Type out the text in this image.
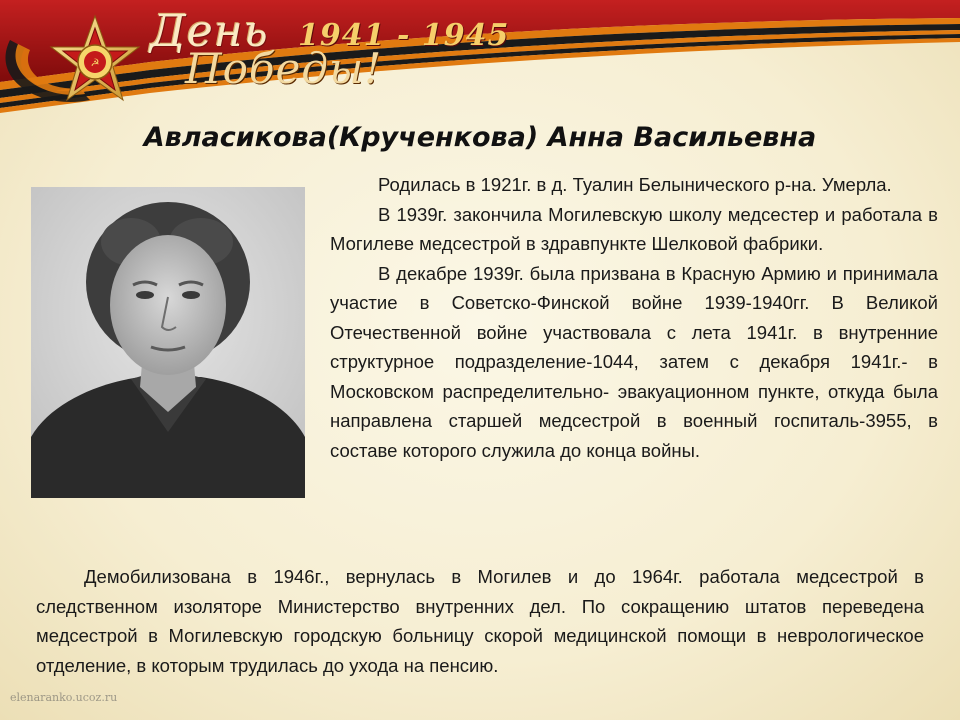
☭
День 1941 - 1945
Победы!
Авласикова(Крученкова) Анна Васильевна

Родилась в 1921г. в д. Туалин Белынического р-на. Умерла.

В 1939г. закончила Могилевскую школу медсестер и работала в Могилеве медсестрой в здравпункте Шелковой фабрики.

В декабре 1939г. была призвана в Красную Армию и принимала участие в Советско-Финской войне 1939-1940гг. В Великой Отечественной войне участвовала с лета 1941г. в внутренние структурное подразделение-1044, затем с декабря 1941г.- в Московском распределительно- эвакуационном пункте, откуда была направлена старшей медсестрой в военный госпиталь-3955, в составе которого служила до конца войны.

Демобилизована в 1946г., вернулась в Могилев и до 1964г. работала медсестрой в следственном изоляторе Министерство внутренних дел. По сокращению штатов переведена медсестрой в Могилевскую городскую больницу скорой медицинской помощи в неврологическое отделение, в которым трудилась до ухода на пенсию.

elenaranko.ucoz.ru
